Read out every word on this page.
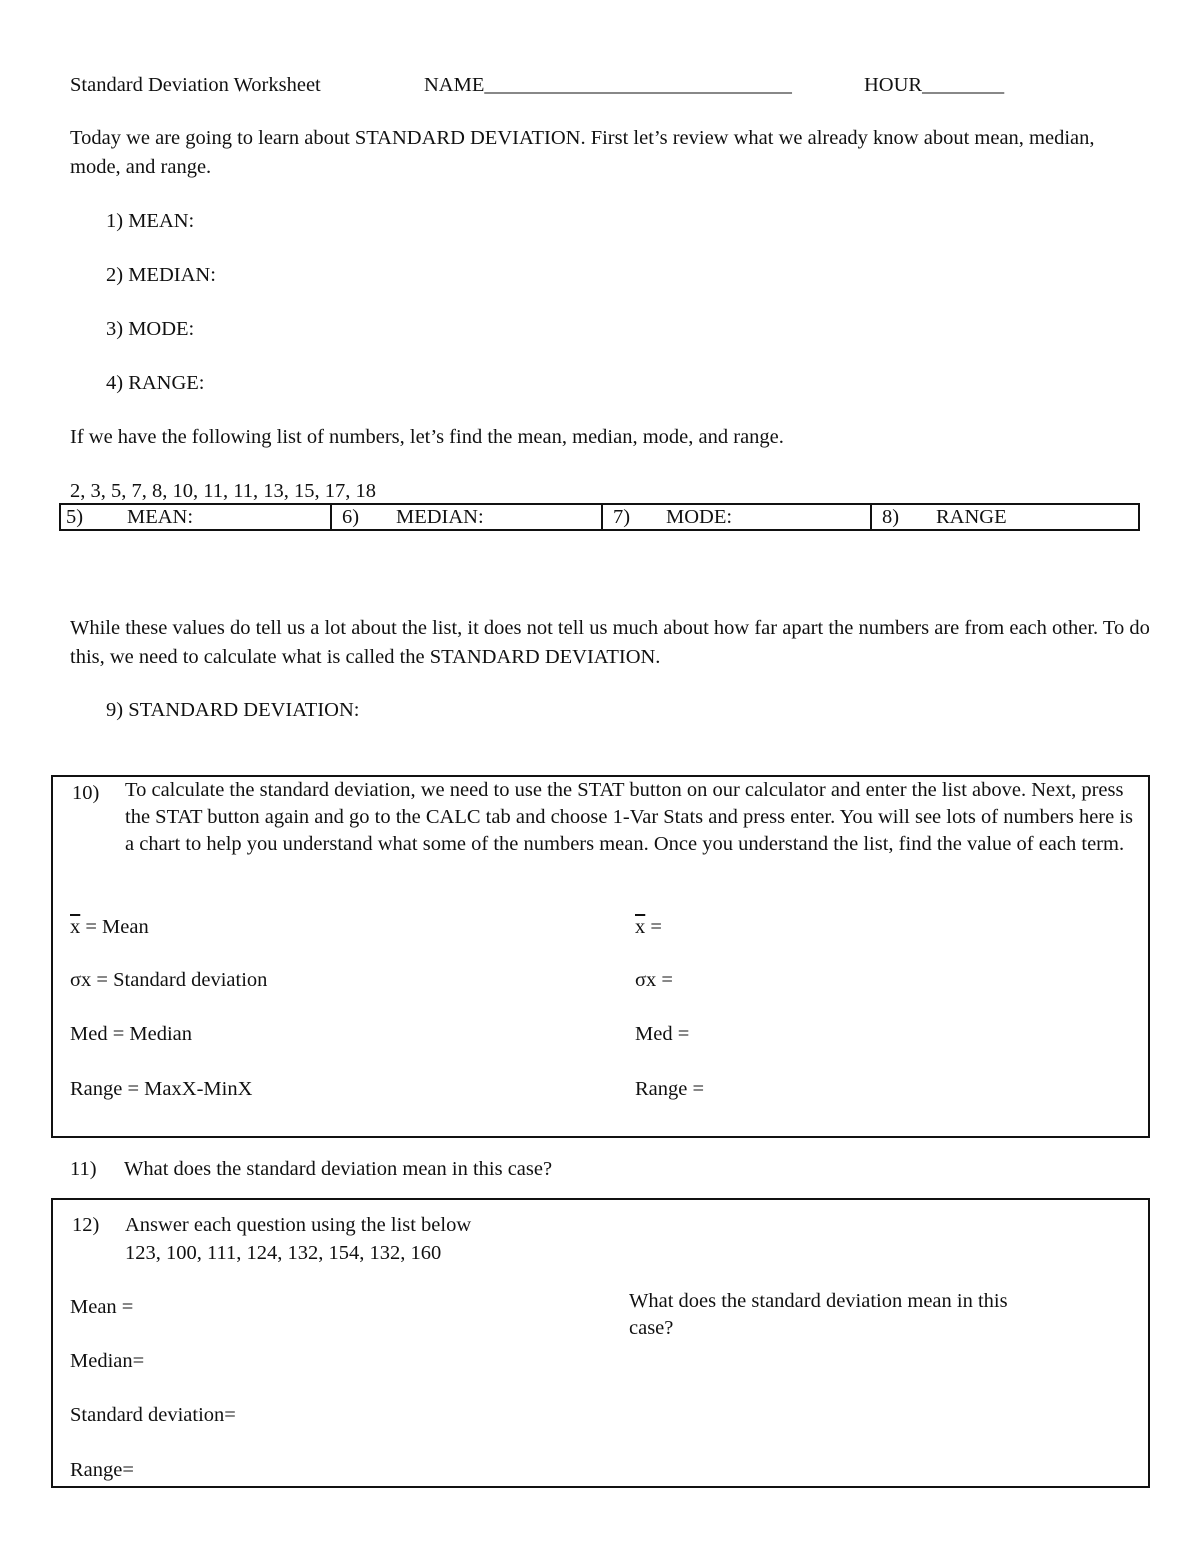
Standard Deviation Worksheet	NAME______________________________	HOUR________
Today we are going to learn about STANDARD DEVIATION. First let’s review what we already know about mean, median, mode, and range.
1) MEAN:
2) MEDIAN:
3) MODE:
4) RANGE:
If we have the following list of numbers, let’s find the mean, median, mode, and range.
2, 3, 5, 7, 8, 10, 11, 11, 13, 15, 17, 18
5) MEAN:	6) MEDIAN:	7) MODE:	8) RANGE
While these values do tell us a lot about the list, it does not tell us much about how far apart the numbers are from each other. To do this, we need to calculate what is called the STANDARD DEVIATION.
9) STANDARD DEVIATION:
10) To calculate the standard deviation, we need to use the STAT button on our calculator and enter the list above. Next, press the STAT button again and go to the CALC tab and choose 1-Var Stats and press enter. You will see lots of numbers here is a chart to help you understand what some of the numbers mean. Once you understand the list, find the value of each term.
$\overline{x}$ = Mean	$\overline{x}$ =
σx = Standard deviation	σx =
Med = Median	Med =
Range = MaxX-MinX	Range =
11) What does the standard deviation mean in this case?
12) Answer each question using the list below
123, 100, 111, 124, 132, 154, 132, 160
Mean =
Median=
Standard deviation=
Range=
What does the standard deviation mean in this case?
